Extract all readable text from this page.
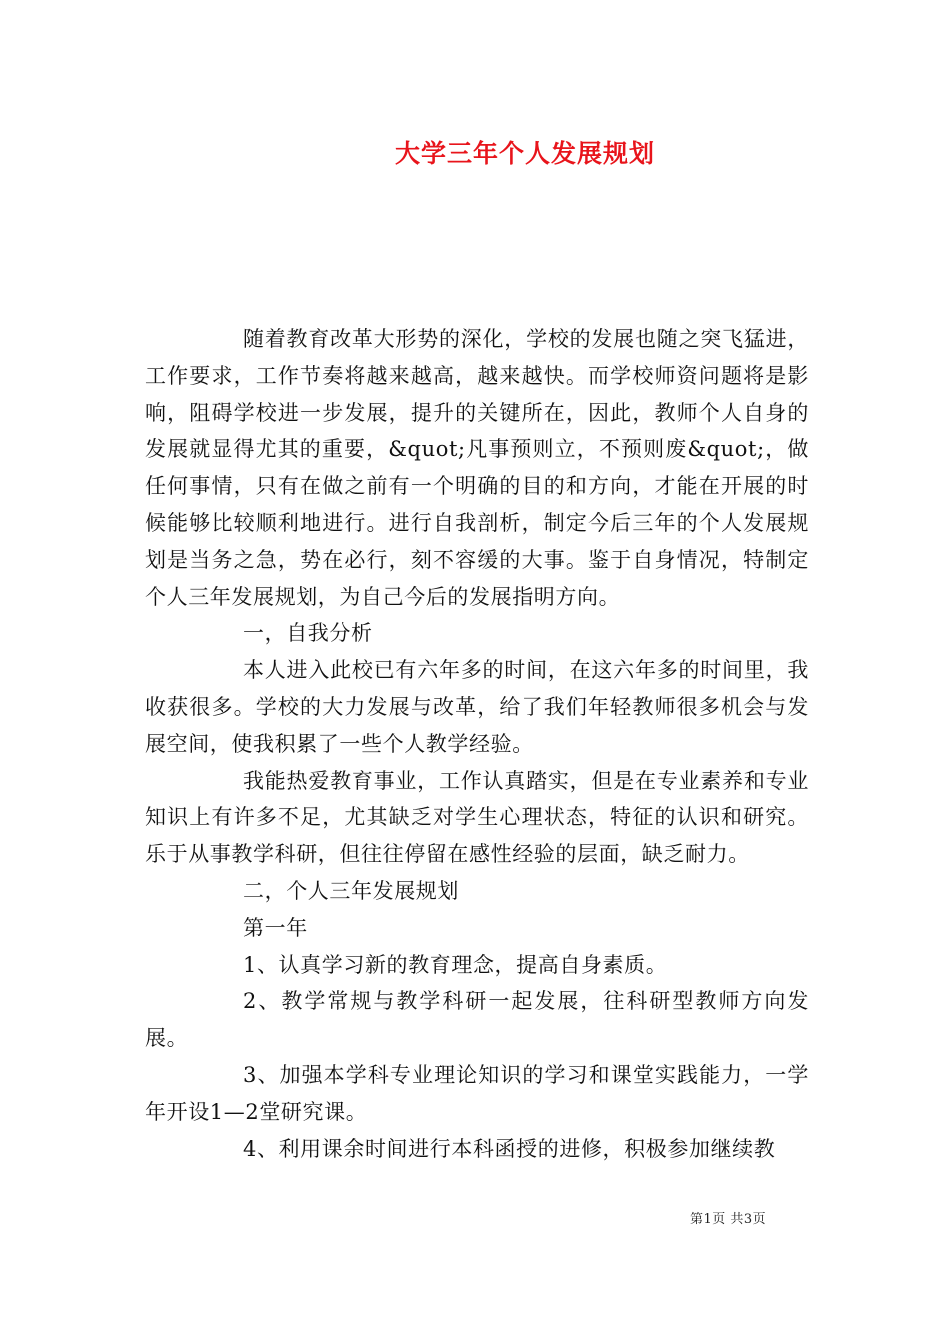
大学三年个人发展规划

随着教育改革大形势的深化，学校的发展也随之突飞猛进，工作要求，工作节奏将越来越高，越来越快。而学校师资问题将是影响，阻碍学校进一步发展，提升的关键所在，因此，教师个人自身的发展就显得尤其的重要，&quot;凡事预则立，不预则废&quot;，做任何事情，只有在做之前有一个明确的目的和方向，才能在开展的时候能够比较顺利地进行。进行自我剖析，制定今后三年的个人发展规划是当务之急，势在必行，刻不容缓的大事。鉴于自身情况，特制定个人三年发展规划，为自己今后的发展指明方向。

一，自我分析

本人进入此校已有六年多的时间，在这六年多的时间里，我收获很多。学校的大力发展与改革，给了我们年轻教师很多机会与发展空间，使我积累了一些个人教学经验。

我能热爱教育事业，工作认真踏实，但是在专业素养和专业知识上有许多不足，尤其缺乏对学生心理状态，特征的认识和研究。乐于从事教学科研，但往往停留在感性经验的层面，缺乏耐力。

二，个人三年发展规划

第一年

1、认真学习新的教育理念，提高自身素质。

2、教学常规与教学科研一起发展，往科研型教师方向发展。

3、加强本学科专业理论知识的学习和课堂实践能力，一学年开设1—2堂研究课。

4、利用课余时间进行本科函授的进修，积极参加继续教

第1页 共3页
